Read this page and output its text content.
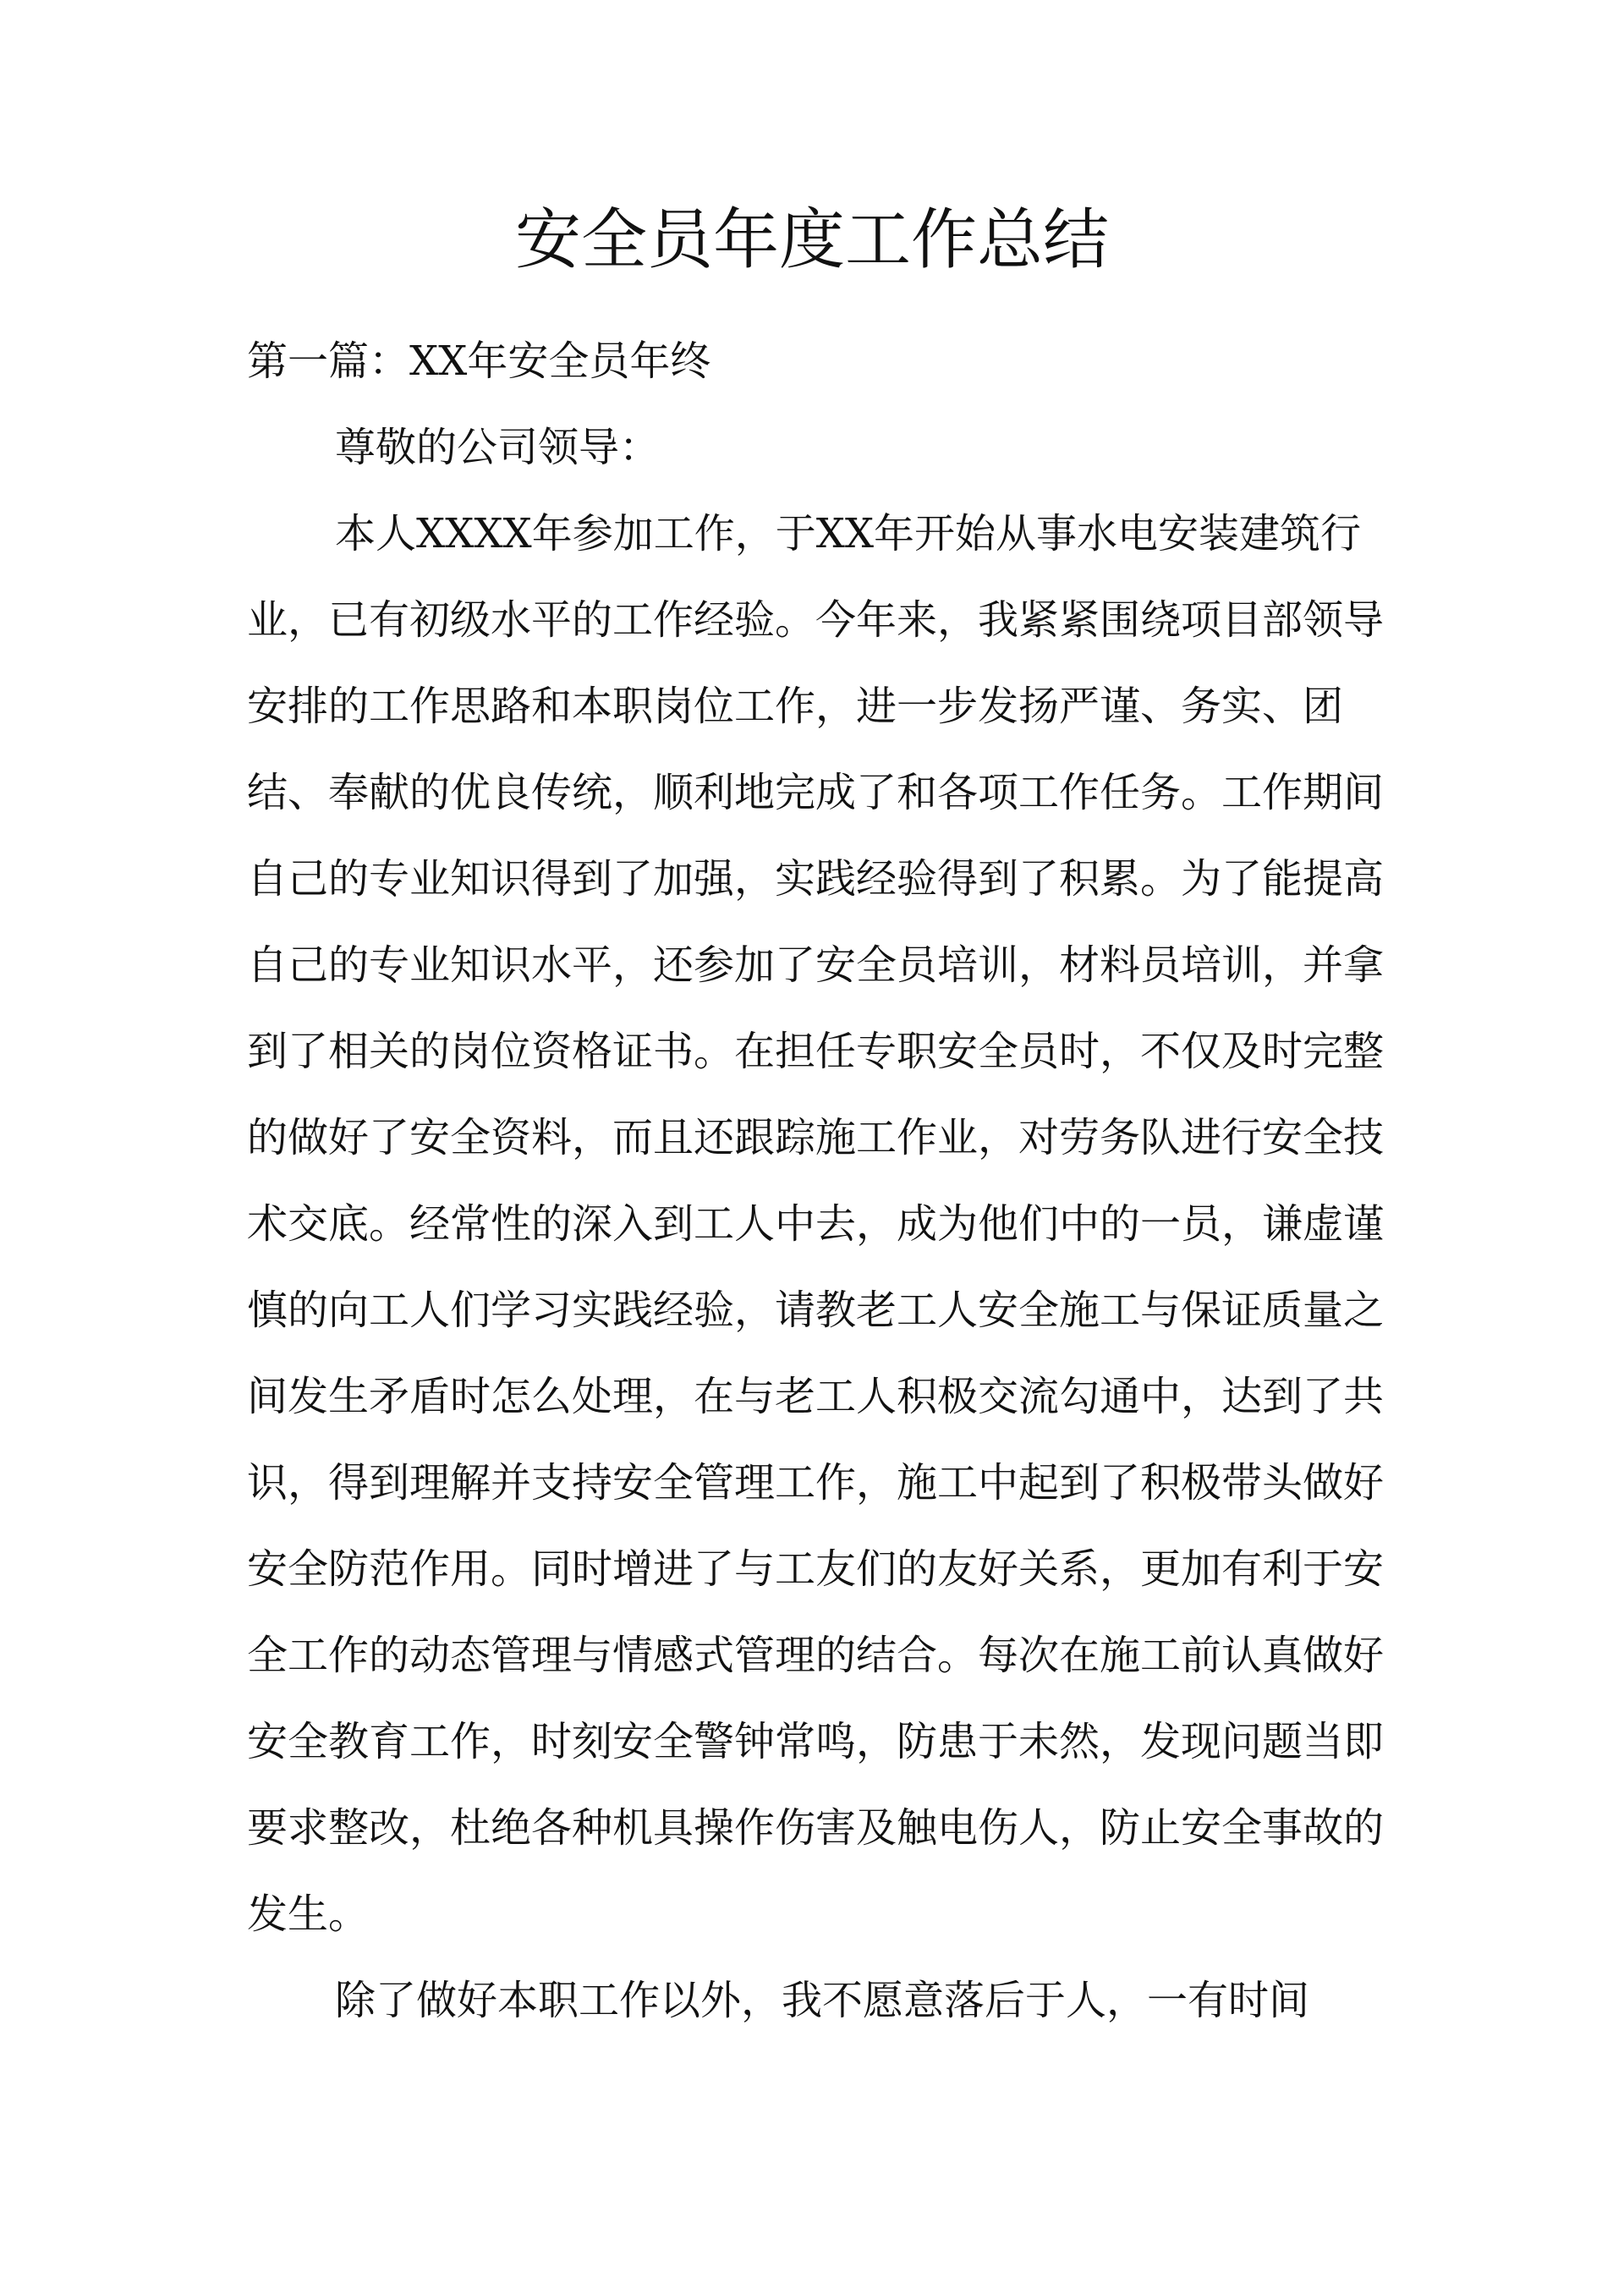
安全员年度工作总结

第一篇：XX年安全员年终

尊敬的公司领导：

本人XXXX年参加工作，于XX年开始从事水电安装建筑行业，已有初级水平的工作经验。今年来，我紧紧围绕项目部领导安排的工作思路和本职岗位工作，进一步发扬严谨、务实、团结、奉献的优良传统，顺利地完成了和各项工作任务。工作期间自己的专业知识得到了加强，实践经验得到了积累。为了能提高自己的专业知识水平，还参加了安全员培训，材料员培训，并拿到了相关的岗位资格证书。在担任专职安全员时，不仅及时完整的做好了安全资料，而且还跟踪施工作业，对劳务队进行安全技术交底。经常性的深入到工人中去，成为他们中的一员，谦虚谨慎的向工人们学习实践经验，请教老工人安全施工与保证质量之间发生矛盾时怎么处理，在与老工人积极交流勾通中，达到了共识，得到理解并支持安全管理工作，施工中起到了积极带头做好安全防范作用。同时增进了与工友们的友好关系，更加有利于安全工作的动态管理与情感式管理的结合。每次在施工前认真做好安全教育工作，时刻安全警钟常鸣，防患于未然，发现问题当即要求整改，杜绝各种机具操作伤害及触电伤人，防止安全事故的发生。

除了做好本职工作以外，我不愿意落后于人，一有时间
